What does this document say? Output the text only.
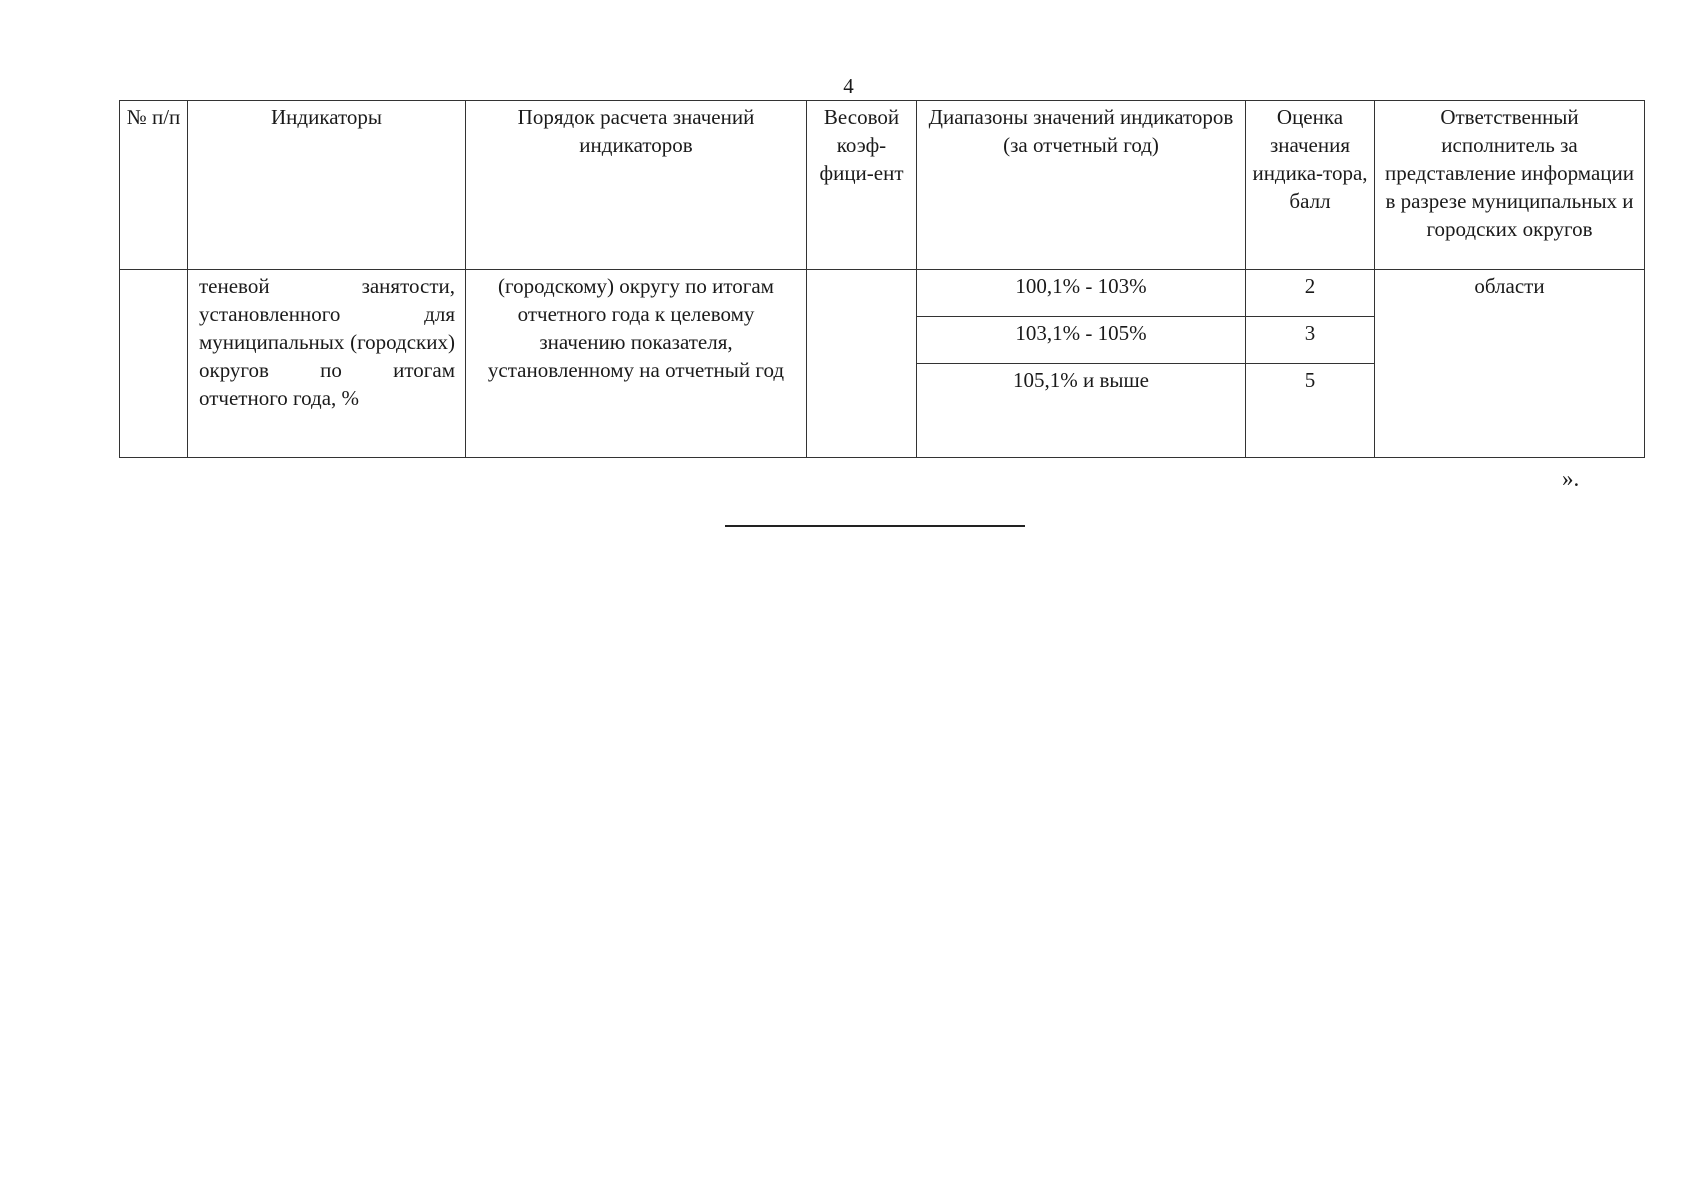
4
№ п/п	Индикаторы	Порядок расчета значений индикаторов	Весовой коэф-фици-ент	Диапазоны значений индикаторов (за отчетный год)	Оценка значения индика-тора, балл	Ответственный исполнитель за представление информации в разрезе муниципальных и городских округов
	теневой занятости, установленного для муниципальных (городских) округов по итогам отчетного года, %	(городскому) округу по итогам отчетного года к целевому значению показателя, установленному на отчетный год		100,1% - 103%	2	области
				103,1% - 105%	3	
				105,1% и выше	5	
».
